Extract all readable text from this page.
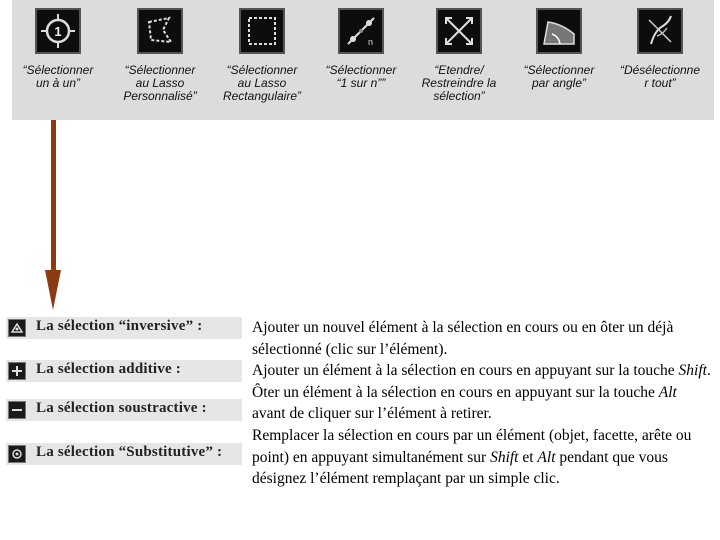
1
“Sélectionner
un à un”
“Sélectionner
au Lasso
Personnalisé”
“Sélectionner
au Lasso
Rectangulaire”
n
“Sélectionner
“1 sur n””
“Etendre/
Restreindre la
sélection”
“Sélectionner
par angle”
“Désélectionne
r tout”
La sélection “inversive” :
La sélection additive :
La sélection soustractive :
La sélection “Substitutive” :

Ajouter un nouvel élément à la sélection en cours ou en ôter un déjà sélectionné (clic sur l’élément).

Ajouter un élément à la sélection en cours en appuyant sur la touche Shift.

Ôter un élément à la sélection en cours en appuyant sur la touche Alt avant de cliquer sur l’élément à retirer.

Remplacer la sélection en cours par un élément (objet, facette, arête ou point) en appuyant simultanément sur Shift et Alt pendant que vous désignez l’élément remplaçant par un simple clic.
